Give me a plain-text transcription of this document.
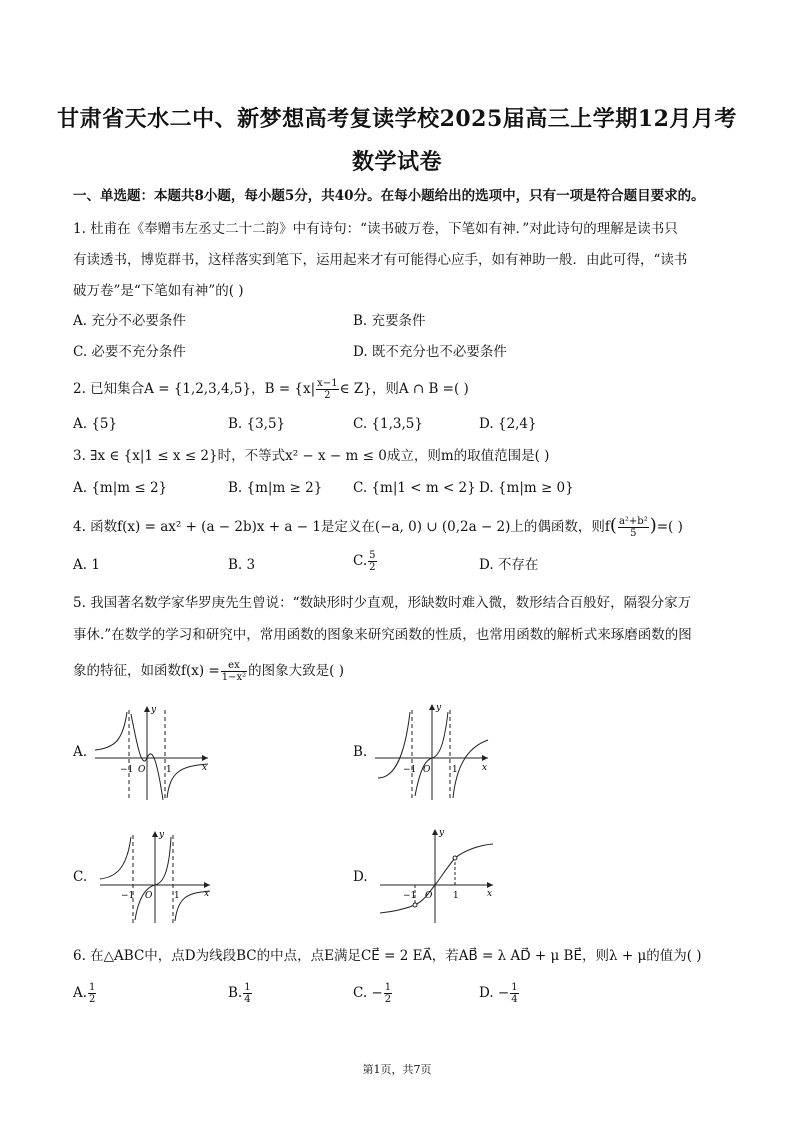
甘肃省天水二中、新梦想高考复读学校2025届高三上学期12月月考
数学试卷
一、单选题：本题共8小题，每小题5分，共40分。在每小题给出的选项中，只有一项是符合题目要求的。
1. 杜甫在《奉赠韦左丞丈二十二韵》中有诗句：“读书破万卷，下笔如有神．”对此诗句的理解是读书只
有读透书，博览群书，这样落实到笔下，运用起来才有可能得心应手，如有神助一般．由此可得，“读书
破万卷”是“下笔如有神”的( )
A. 充分不必要条件	B. 充要条件
C. 必要不充分条件	D. 既不充分也不必要条件
2. 已知集合A = {1,2,3,4,5}，$B = \{x| \frac{x-1}{2}$ ∈ Z}，则A ∩ B =( )
A. {5}	B. {3,5}	C. {1,3,5}	D. {2,4}
3. ∃x ∈ {x|1 ≤ x ≤ 2}时，不等式x² − x − m ≤ 0成立，则m的取值范围是( )
A. {m|m ≤ 2}	B. {m|m ≥ 2} C. {m|1 < m < 2} D. {m|m ≥ 0}
4. 函数f(x) = ax² + (a − 2b)x + a − 1是定义在(−a, 0) ∪ (0,2a − 2)上的偶函数，则$f( \frac{\text{a²+b²}}{5}$ )=( )
A. 1	B. 3	C. $\frac{5}{2}$	D. 不存在
5. 我国著名数学家华罗庚先生曾说：“数缺形时少直观，形缺数时难入微，数形结合百般好，隔裂分家万
事休.”在数学的学习和研究中，常用函数的图象来研究函数的性质，也常用函数的解析式来琢磨函数的图
象的特征，如函数$f(x) = \frac{ex}{\text{1−x²}}$ 的图象大致是( )
A.	B.
C.	D.
−1 O 1	x
y
−1 O 1	x
y
−1 O 1	x
y
−1 O 1	x
y
6. 在△ABC中，点D为线段BC的中点，点E满足CE⃗ = 2 EA⃗，若AB⃗ = λ AD⃗ + μ BE⃗，则λ + μ的值为( )
A. $\frac{1}{2}$	B. $\frac{1}{4}$	C. − $\frac{1}{2}$	D. − $\frac{1}{4}$
第1页，共7页
